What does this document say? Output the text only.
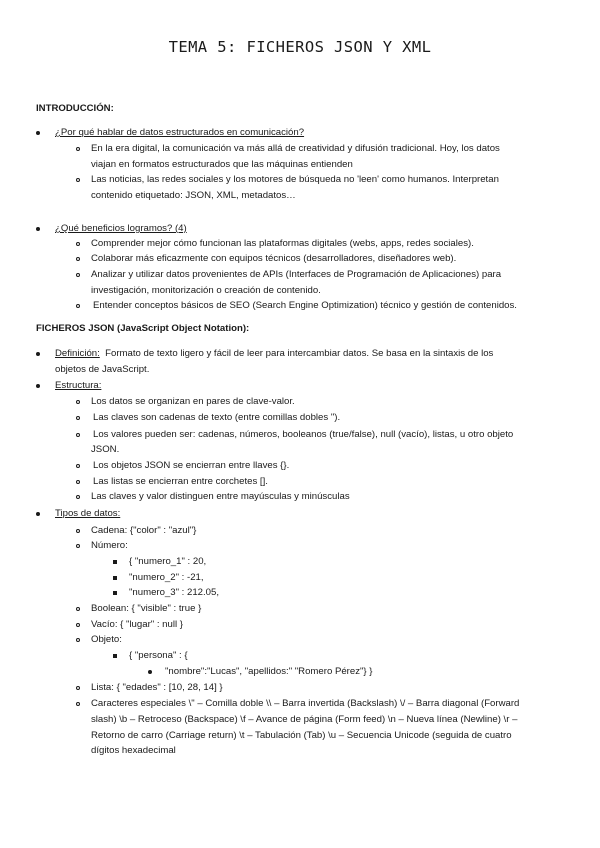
TEMA 5: FICHEROS JSON Y XML
INTRODUCCIÓN:
¿Por qué hablar de datos estructurados en comunicación?
En la era digital, la comunicación va más allá de creatividad y difusión tradicional. Hoy, los datos
viajan en formatos estructurados que las máquinas entienden
Las noticias, las redes sociales y los motores de búsqueda no 'leen' como humanos. Interpretan
contenido etiquetado: JSON, XML, metadatos…
¿Qué beneficios logramos? (4)
Comprender mejor cómo funcionan las plataformas digitales (webs, apps, redes sociales).
Colaborar más eficazmente con equipos técnicos (desarrolladores, diseñadores web).
Analizar y utilizar datos provenientes de APIs (Interfaces de Programación de Aplicaciones) para
investigación, monitorización o creación de contenido.
Entender conceptos básicos de SEO (Search Engine Optimization) técnico y gestión de contenidos.
FICHEROS JSON (JavaScript Object Notation):
Definición: Formato de texto ligero y fácil de leer para intercambiar datos. Se basa en la sintaxis de los
objetos de JavaScript.
Estructura:
Los datos se organizan en pares de clave-valor.
Las claves son cadenas de texto (entre comillas dobles ").
Los valores pueden ser: cadenas, números, booleanos (true/false), null (vacío), listas, u otro objeto
JSON.
Los objetos JSON se encierran entre llaves {}.
Las listas se encierran entre corchetes [].
Las claves y valor distinguen entre mayúsculas y minúsculas
Tipos de datos:
Cadena: {"color" : "azul"}
Número:
{ "numero_1" : 20,
"numero_2" : -21,
"numero_3" : 212.05,
Boolean: { "visible" : true }
Vacío: { "lugar" : null }
Objeto:
{ "persona" : {
"nombre":"Lucas", "apellidos:" "Romero Pérez"} }
Lista: { "edades" : [10, 28, 14] }
Caracteres especiales \" – Comilla doble \\ – Barra invertida (Backslash) \/ – Barra diagonal (Forward
slash) \b – Retroceso (Backspace) \f – Avance de página (Form feed) \n – Nueva línea (Newline) \r –
Retorno de carro (Carriage return) \t – Tabulación (Tab) \u – Secuencia Unicode (seguida de cuatro
dígitos hexadecimal
